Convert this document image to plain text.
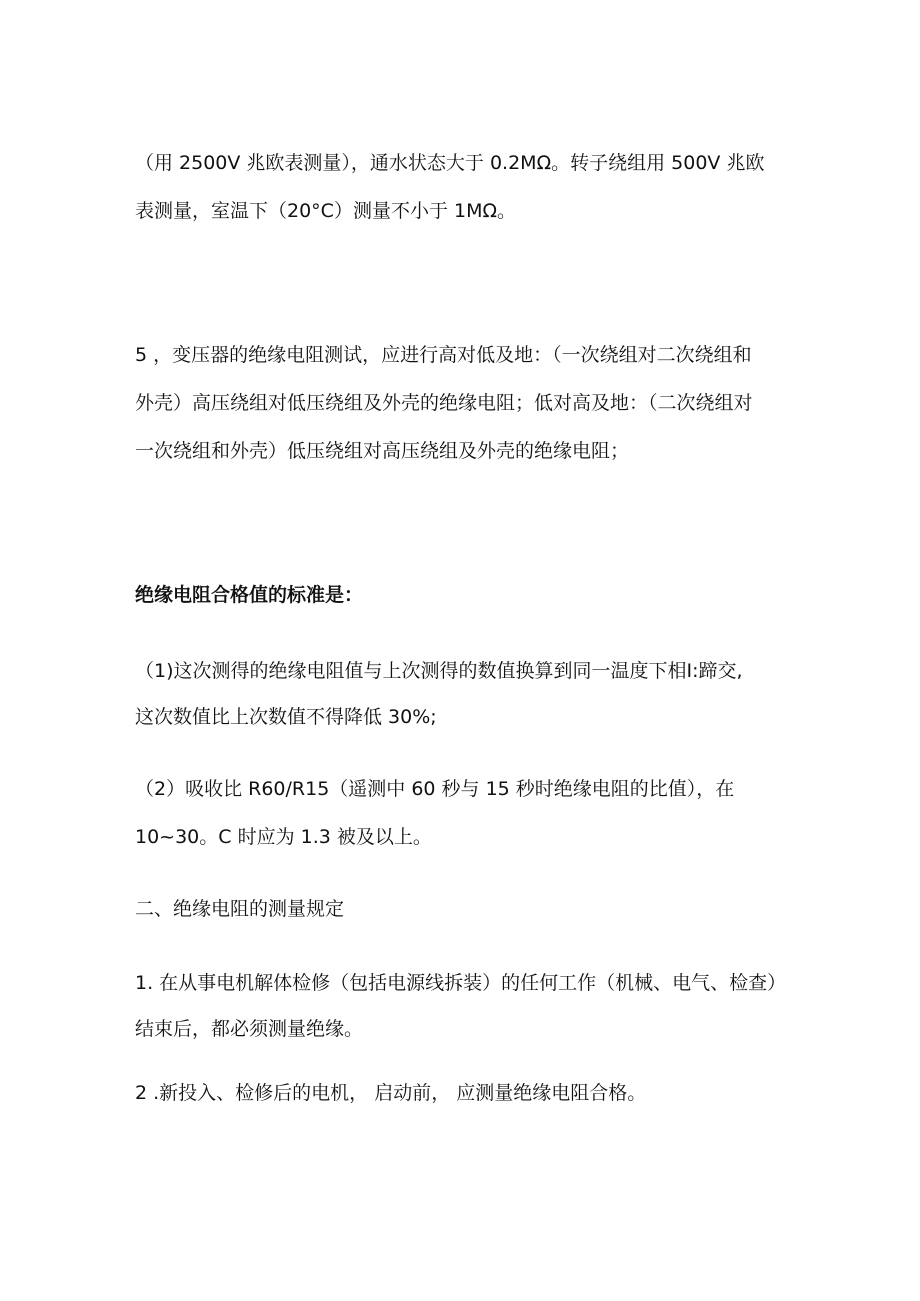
（用 2500V 兆欧表测量），通水状态大于 0.2MΩ。转子绕组用 500V 兆欧
表测量，室温下（20°C）测量不小于 1MΩ。
5 ，变压器的绝缘电阻测试，应进行高对低及地：（一次绕组对二次绕组和
外壳）高压绕组对低压绕组及外壳的绝缘电阻；低对高及地：（二次绕组对
一次绕组和外壳）低压绕组对高压绕组及外壳的绝缘电阻；
绝缘电阻合格值的标准是：
（1)这次测得的绝缘电阻值与上次测得的数值换算到同一温度下相I:蹄交,
这次数值比上次数值不得降低 30%;
（2）吸收比 R60/R15（遥测中 60 秒与 15 秒时绝缘电阻的比值），在
10~30。C 时应为 1.3 被及以上。
二、绝缘电阻的测量规定
1. 在从事电机解体检修（包括电源线拆装）的任何工作（机械、电气、检查）
结束后，都必须测量绝缘。
2 .新投入、检修后的电机， 启动前， 应测量绝缘电阻合格。
